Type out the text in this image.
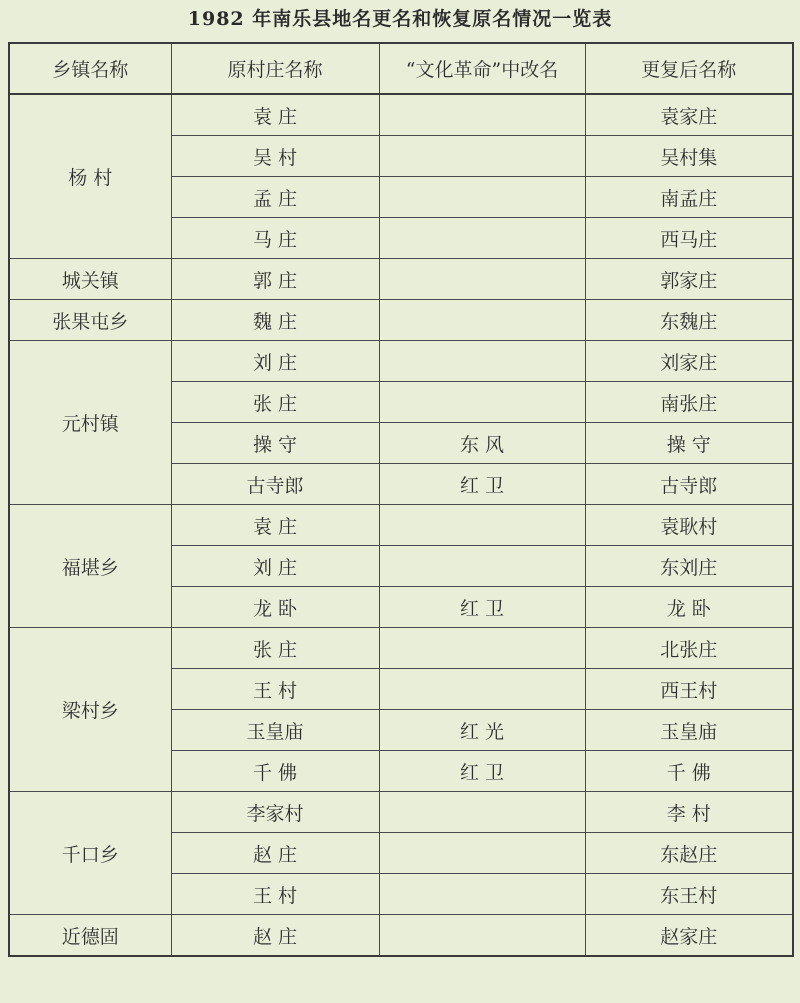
1982 年南乐县地名更名和恢复原名情况一览表
乡镇名称	原村庄名称	“文化革命”中改名	更复后名称
杨 村	袁 庄		袁家庄
	吴 村		吴村集
	孟 庄		南孟庄
	马 庄		西马庄
城关镇	郭 庄		郭家庄
张果屯乡	魏 庄		东魏庄
元村镇	刘 庄		刘家庄
	张 庄		南张庄
	操 守	东 风	操 守
	古寺郎	红 卫	古寺郎
福堪乡	袁 庄		袁耿村
	刘 庄		东刘庄
	龙 卧	红 卫	龙 卧
梁村乡	张 庄		北张庄
	王 村		西王村
	玉皇庙	红 光	玉皇庙
	千 佛	红 卫	千 佛
千口乡	李家村		李 村
	赵 庄		东赵庄
	王 村		东王村
近德固	赵 庄		赵家庄
